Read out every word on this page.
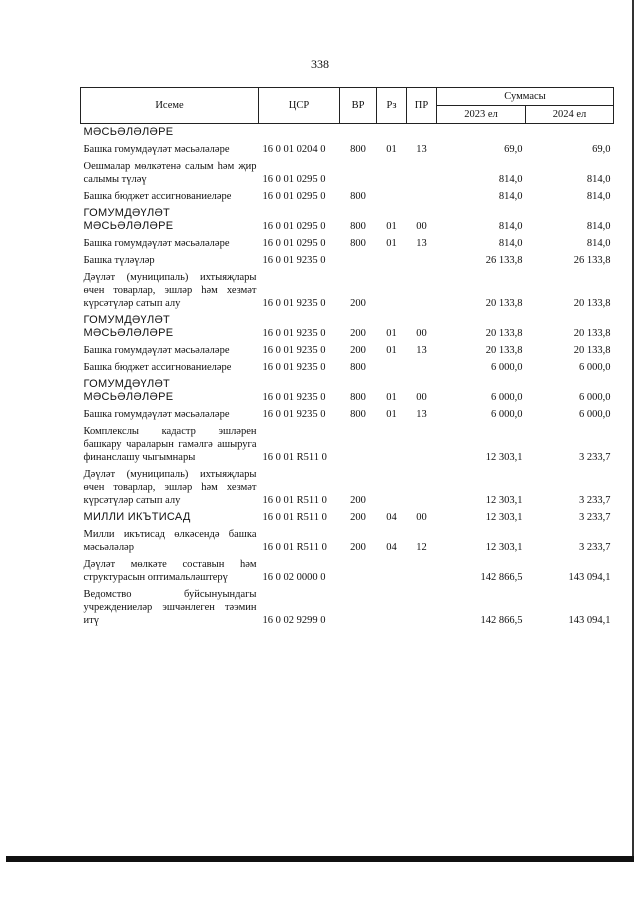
338
Исеме	ЦСР	ВР	Рз	ПР	Суммасы	
					2023 ел	2024 ел
МӘСЬӘЛӘЛӘРЕ						
Башка гомумдәүләт мәсьәләләре	16 0 01 0204 0	800	01	13	69,0	69,0
Оешмалар мөлкәтенә салым һәм җир салымы түләү	16 0 01 0295 0				814,0	814,0
Башка бюджет ассигнованиеләре	16 0 01 0295 0	800			814,0	814,0
ГОМУМДӘҮЛӘТ МӘСЬӘЛӘЛӘРЕ	16 0 01 0295 0	800	01	00	814,0	814,0
Башка гомумдәүләт мәсьәләләре	16 0 01 0295 0	800	01	13	814,0	814,0
Башка түләүләр	16 0 01 9235 0				26 133,8	26 133,8
Дәүләт (муниципаль) ихтыяҗлары өчен товарлар, эшләр һәм хезмәт күрсәтүләр сатып алу	16 0 01 9235 0	200			20 133,8	20 133,8
ГОМУМДӘҮЛӘТ МӘСЬӘЛӘЛӘРЕ	16 0 01 9235 0	200	01	00	20 133,8	20 133,8
Башка гомумдәүләт мәсьәләләре	16 0 01 9235 0	200	01	13	20 133,8	20 133,8
Башка бюджет ассигнованиеләре	16 0 01 9235 0	800			6 000,0	6 000,0
ГОМУМДӘҮЛӘТ МӘСЬӘЛӘЛӘРЕ	16 0 01 9235 0	800	01	00	6 000,0	6 000,0
Башка гомумдәүләт мәсьәләләре	16 0 01 9235 0	800	01	13	6 000,0	6 000,0
Комплекслы кадастр эшләрен башкару чараларын гамәлгә ашыруга финанслашу чыгымнары	16 0 01 R511 0				12 303,1	3 233,7
Дәүләт (муниципаль) ихтыяҗлары өчен товарлар, эшләр һәм хезмәт күрсәтүләр сатып алу	16 0 01 R511 0	200			12 303,1	3 233,7
МИЛЛИ ИКЪТИСАД	16 0 01 R511 0	200	04	00	12 303,1	3 233,7
Милли икътисад өлкәсендә башка мәсьәләләр	16 0 01 R511 0	200	04	12	12 303,1	3 233,7
Дәүләт мөлкәте составын һәм структурасын оптимальләштерү	16 0 02 0000 0				142 866,5	143 094,1
Ведомство буйсынуындагы учреждениеләр эшчәнлеген тәэмин итү	16 0 02 9299 0				142 866,5	143 094,1
